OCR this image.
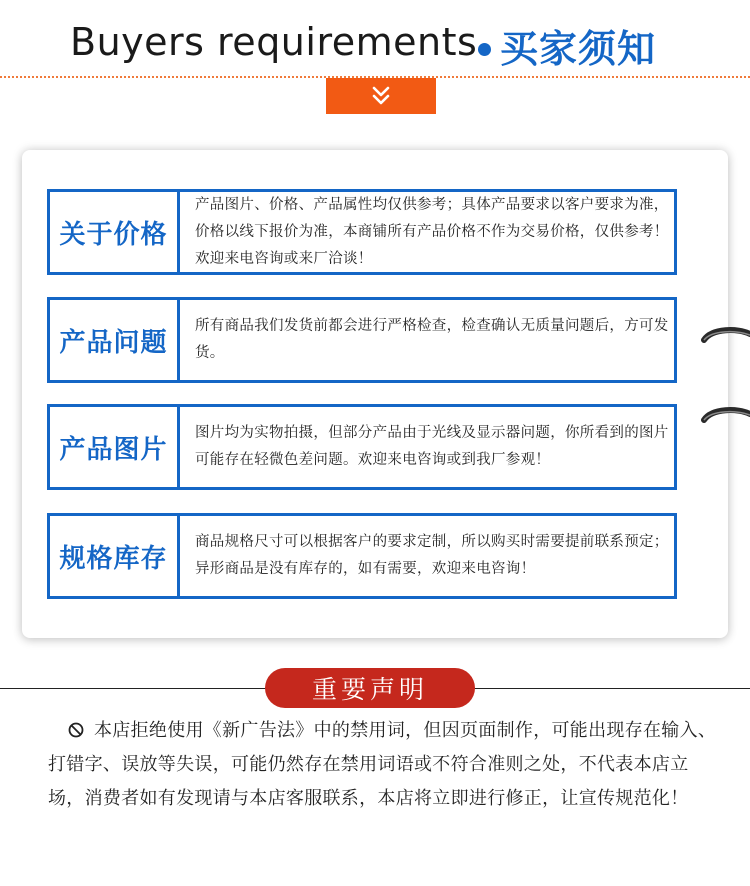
Buyers requirements 买家须知
关于价格
产品图片、价格、产品属性均仅供参考；具体产品要求以客户要求为准，价格以线下报价为准，本商铺所有产品价格不作为交易价格，仅供参考！欢迎来电咨询或来厂洽谈！
产品问题
所有商品我们发货前都会进行严格检查，检查确认无质量问题后，方可发货。
产品图片
图片均为实物拍摄，但部分产品由于光线及显示器问题，你所看到的图片可能存在轻微色差问题。欢迎来电咨询或到我厂参观！
规格库存
商品规格尺寸可以根据客户的要求定制，所以购买时需要提前联系预定；异形商品是没有库存的，如有需要，欢迎来电咨询！
重要声明
本店拒绝使用《新广告法》中的禁用词，但因页面制作，可能出现存在输入、打错字、误放等失误，可能仍然存在禁用词语或不符合准则之处，不代表本店立场，消费者如有发现请与本店客服联系，本店将立即进行修正，让宣传规范化！
